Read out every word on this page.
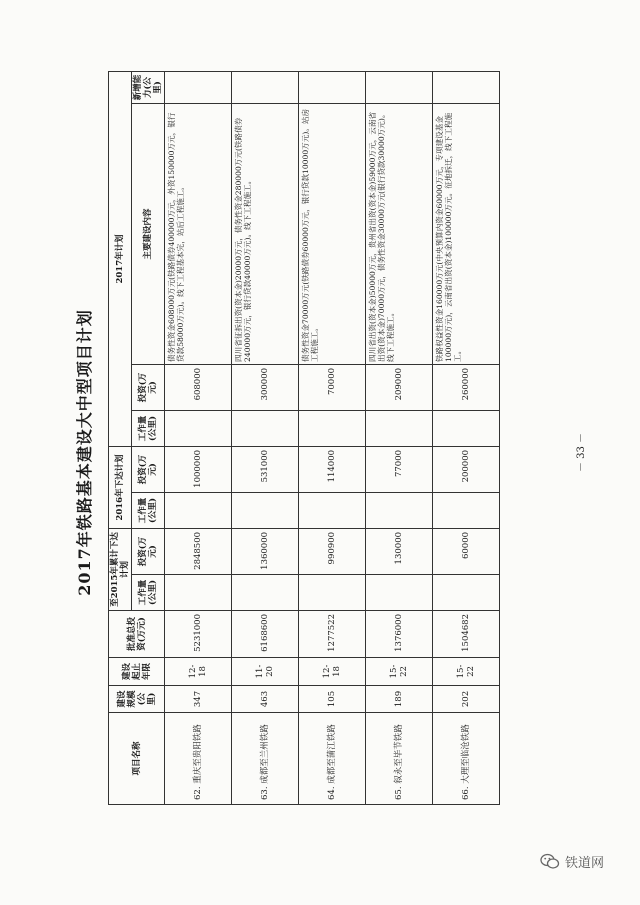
2017年铁路基本建设大中型项目计划
项目名称	建设规模(公里)	建设起止年限	批准总投资(万元)	至2015年累计下达计划		2016年下达计划		2017年计划			
				工作量(公里)	投资(万元)	工作量(公里)	投资(万元)	工作量(公里)	投资(万元)	主要建设内容	新增能力(公里)
62. 重庆至贵阳铁路	347	12-18	5231000		2848500		1000000		608000	债务性资金608000万元(铁路债券400000万元，外资150000万元，银行贷款58000万元)。线下工程基本完，站后工程施工。	
63. 成都至兰州铁路	463	11-20	6168600		1360000		531000		300000	四川省征拆出资(资本金)20000万元，债务性资金280000万元(铁路债券240000万元，银行贷款40000万元)。线下工程施工。	
64. 成都至蒲江铁路	105	12-18	1277522		990900		114000		70000	债务性资金70000万元(铁路债券60000万元，银行贷款10000万元)。站房工程施工。	
65. 叙永至毕节铁路	189	15-22	1376000		130000		77000		209000	四川省出资(资本金)50000万元，贵州省出资(资本金)59000万元，云南省出资(资本金)70000万元，债务性资金30000万元(银行贷款30000万元)。线下工程施工。	
66. 大理至临沧铁路	202	15-22	1504682		60000		200000		260000	铁路权益性资金160000万元(中央预算内资金60000万元，专项建设基金100000万元)，云南省出资(资本金)100000万元。征地拆迁，线下工程施工。	
－ 33 －
铁道网
